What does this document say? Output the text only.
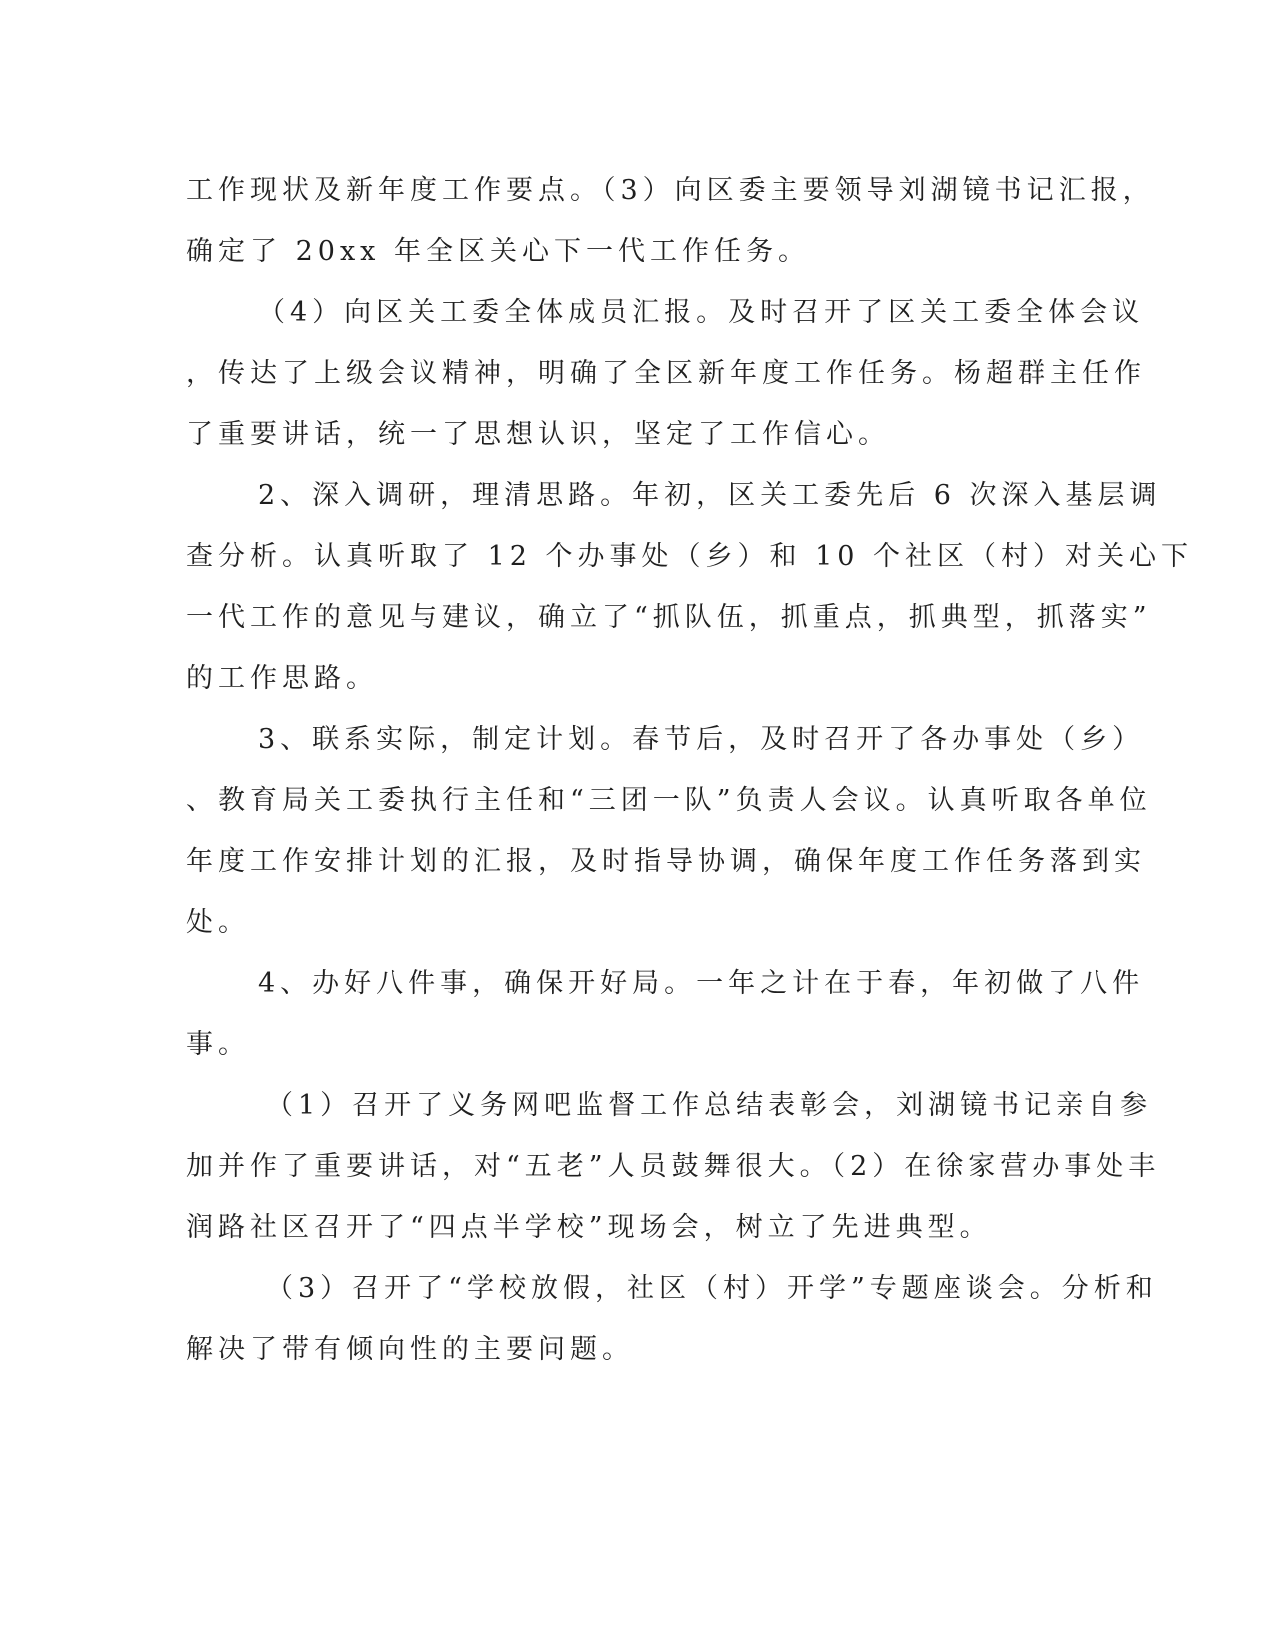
工作现状及新年度工作要点。（3）向区委主要领导刘湖镜书记汇报，
确定了 20xx 年全区关心下一代工作任务。
（4）向区关工委全体成员汇报。及时召开了区关工委全体会议
，传达了上级会议精神，明确了全区新年度工作任务。杨超群主任作
了重要讲话，统一了思想认识，坚定了工作信心。
2、深入调研，理清思路。年初，区关工委先后 6 次深入基层调
查分析。认真听取了 12 个办事处（乡）和 10 个社区（村）对关心下
一代工作的意见与建议，确立了“抓队伍，抓重点，抓典型，抓落实”
的工作思路。
3、联系实际，制定计划。春节后，及时召开了各办事处（乡）
、教育局关工委执行主任和“三团一队”负责人会议。认真听取各单位
年度工作安排计划的汇报，及时指导协调，确保年度工作任务落到实
处。
4、办好八件事，确保开好局。一年之计在于春，年初做了八件
事。
（1）召开了义务网吧监督工作总结表彰会，刘湖镜书记亲自参
加并作了重要讲话，对“五老”人员鼓舞很大。（2）在徐家营办事处丰
润路社区召开了“四点半学校”现场会，树立了先进典型。
（3）召开了“学校放假，社区（村）开学”专题座谈会。分析和
解决了带有倾向性的主要问题。
